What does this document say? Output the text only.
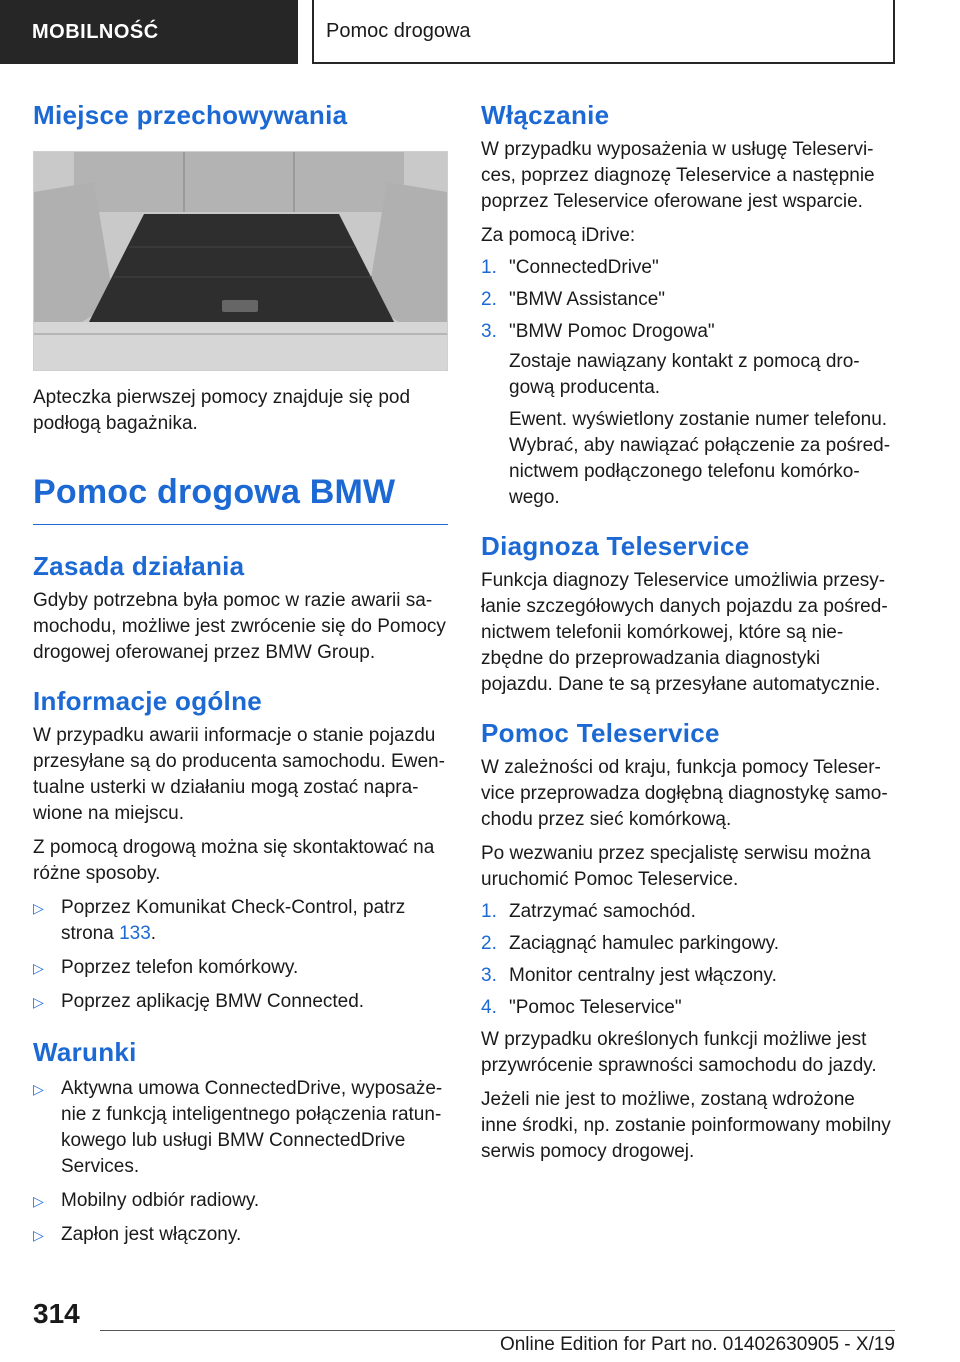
MOBILNOŚĆ	Pomoc drogowa
Miejsce przechowywania

Apteczka pierwszej pomocy znajduje się pod podłogą bagażnika.

Pomoc drogowa BMW
Zasada działania

Gdyby potrzebna była pomoc w razie awarii samochodu, możliwe jest zwrócenie się do Pomocy drogowej oferowanej przez BMW Group.

Informacje ogólne

W przypadku awarii informacje o stanie pojazdu przesyłane są do producenta samochodu. Ewentualne usterki w działaniu mogą zostać naprawione na miejscu.

Z pomocą drogową można się skontaktować na różne sposoby.

▷ Poprzez Komunikat Check-Control, patrz strona 133.
▷ Poprzez telefon komórkowy.
▷ Poprzez aplikację BMW Connected.
Warunki
▷ Aktywna umowa ConnectedDrive, wyposażenie z funkcją inteligentnego połączenia ratunkowego lub usługi BMW ConnectedDrive Services.
▷ Mobilny odbiór radiowy.
▷ Zapłon jest włączony.
Włączanie

W przypadku wyposażenia w usługę Teleservices, poprzez diagnozę Teleservice a następnie poprzez Teleservice oferowane jest wsparcie.

Za pomocą iDrive:

1. "ConnectedDrive"
2. "BMW Assistance"
3. "BMW Pomoc Drogowa"
Zostaje nawiązany kontakt z pomocą drogową producenta.
Ewent. wyświetlony zostanie numer telefonu. Wybrać, aby nawiązać połączenie za pośrednictwem podłączonego telefonu komórkowego.
Diagnoza Teleservice

Funkcja diagnozy Teleservice umożliwia przesyłanie szczegółowych danych pojazdu za pośrednictwem telefonii komórkowej, które są niezbędne do przeprowadzania diagnostyki pojazdu. Dane te są przesyłane automatycznie.

Pomoc Teleservice

W zależności od kraju, funkcja pomocy Teleservice przeprowadza dogłębną diagnostykę samochodu przez sieć komórkową.

Po wezwaniu przez specjalistę serwisu można uruchomić Pomoc Teleservice.

1. Zatrzymać samochód.
2. Zaciągnąć hamulec parkingowy.
3. Monitor centralny jest włączony.
4. "Pomoc Teleservice"

W przypadku określonych funkcji możliwe jest przywrócenie sprawności samochodu do jazdy.

Jeżeli nie jest to możliwe, zostaną wdrożone inne środki, np. zostanie poinformowany mobilny serwis pomocy drogowej.

314
Online Edition for Part no. 01402630905 - X/19
